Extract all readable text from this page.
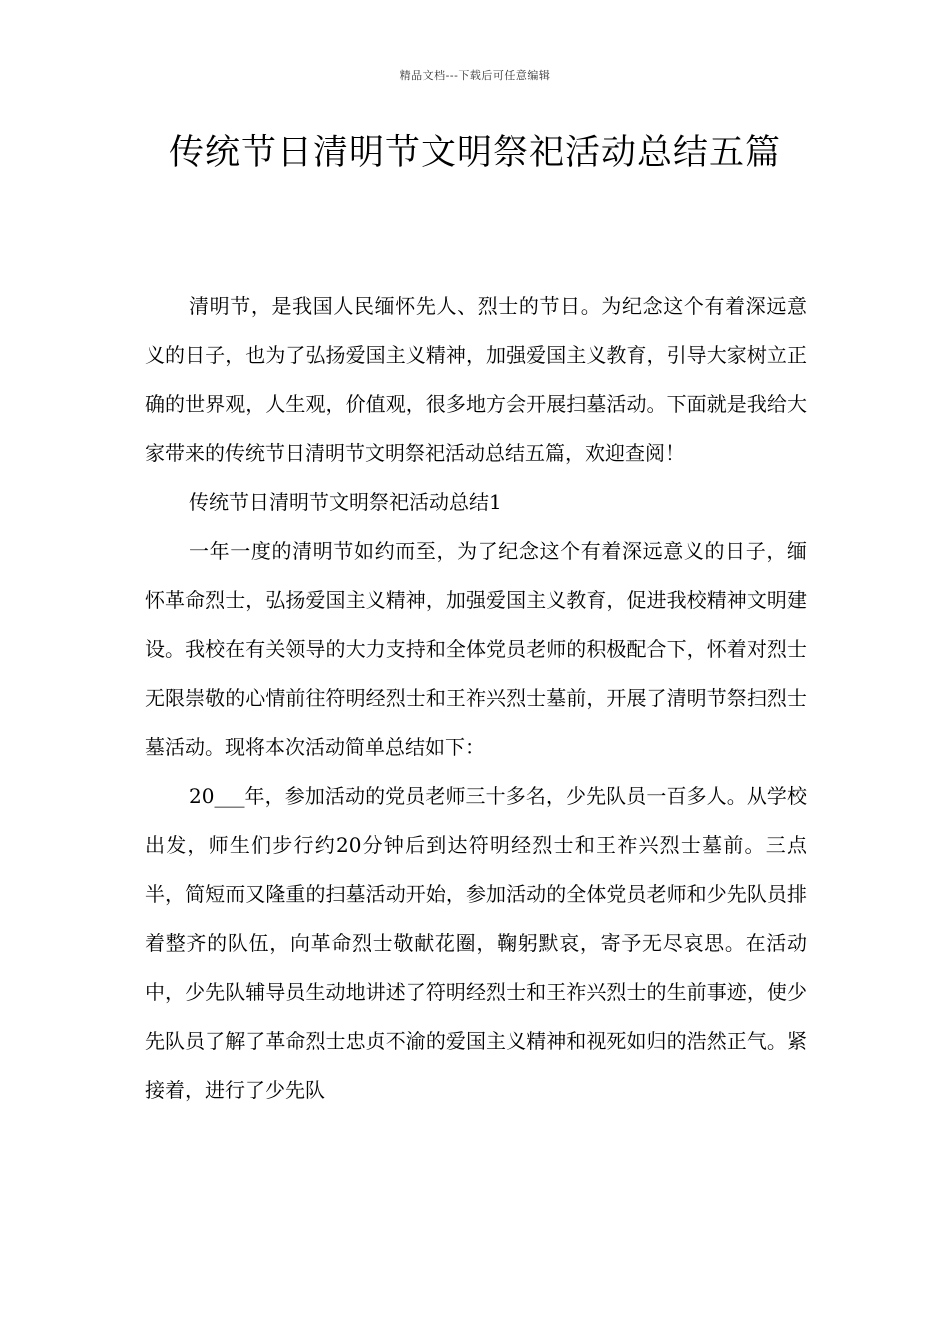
精品文档---下载后可任意编辑
传统节日清明节文明祭祀活动总结五篇

清明节，是我国人民缅怀先人、烈士的节日。为纪念这个有着深远意义的日子，也为了弘扬爱国主义精神，加强爱国主义教育，引导大家树立正确的世界观，人生观，价值观，很多地方会开展扫墓活动。下面就是我给大家带来的传统节日清明节文明祭祀活动总结五篇，欢迎查阅！

传统节日清明节文明祭祀活动总结1

一年一度的清明节如约而至，为了纪念这个有着深远意义的日子，缅怀革命烈士，弘扬爱国主义精神，加强爱国主义教育，促进我校精神文明建设。我校在有关领导的大力支持和全体党员老师的积极配合下，怀着对烈士无限崇敬的心情前往符明经烈士和王祚兴烈士墓前，开展了清明节祭扫烈士墓活动。现将本次活动简单总结如下：

20___年，参加活动的党员老师三十多名，少先队员一百多人。从学校出发，师生们步行约20分钟后到达符明经烈士和王祚兴烈士墓前。三点半，简短而又隆重的扫墓活动开始，参加活动的全体党员老师和少先队员排着整齐的队伍，向革命烈士敬献花圈，鞠躬默哀，寄予无尽哀思。在活动中，少先队辅导员生动地讲述了符明经烈士和王祚兴烈士的生前事迹，使少先队员了解了革命烈士忠贞不渝的爱国主义精神和视死如归的浩然正气。紧接着，进行了少先队
